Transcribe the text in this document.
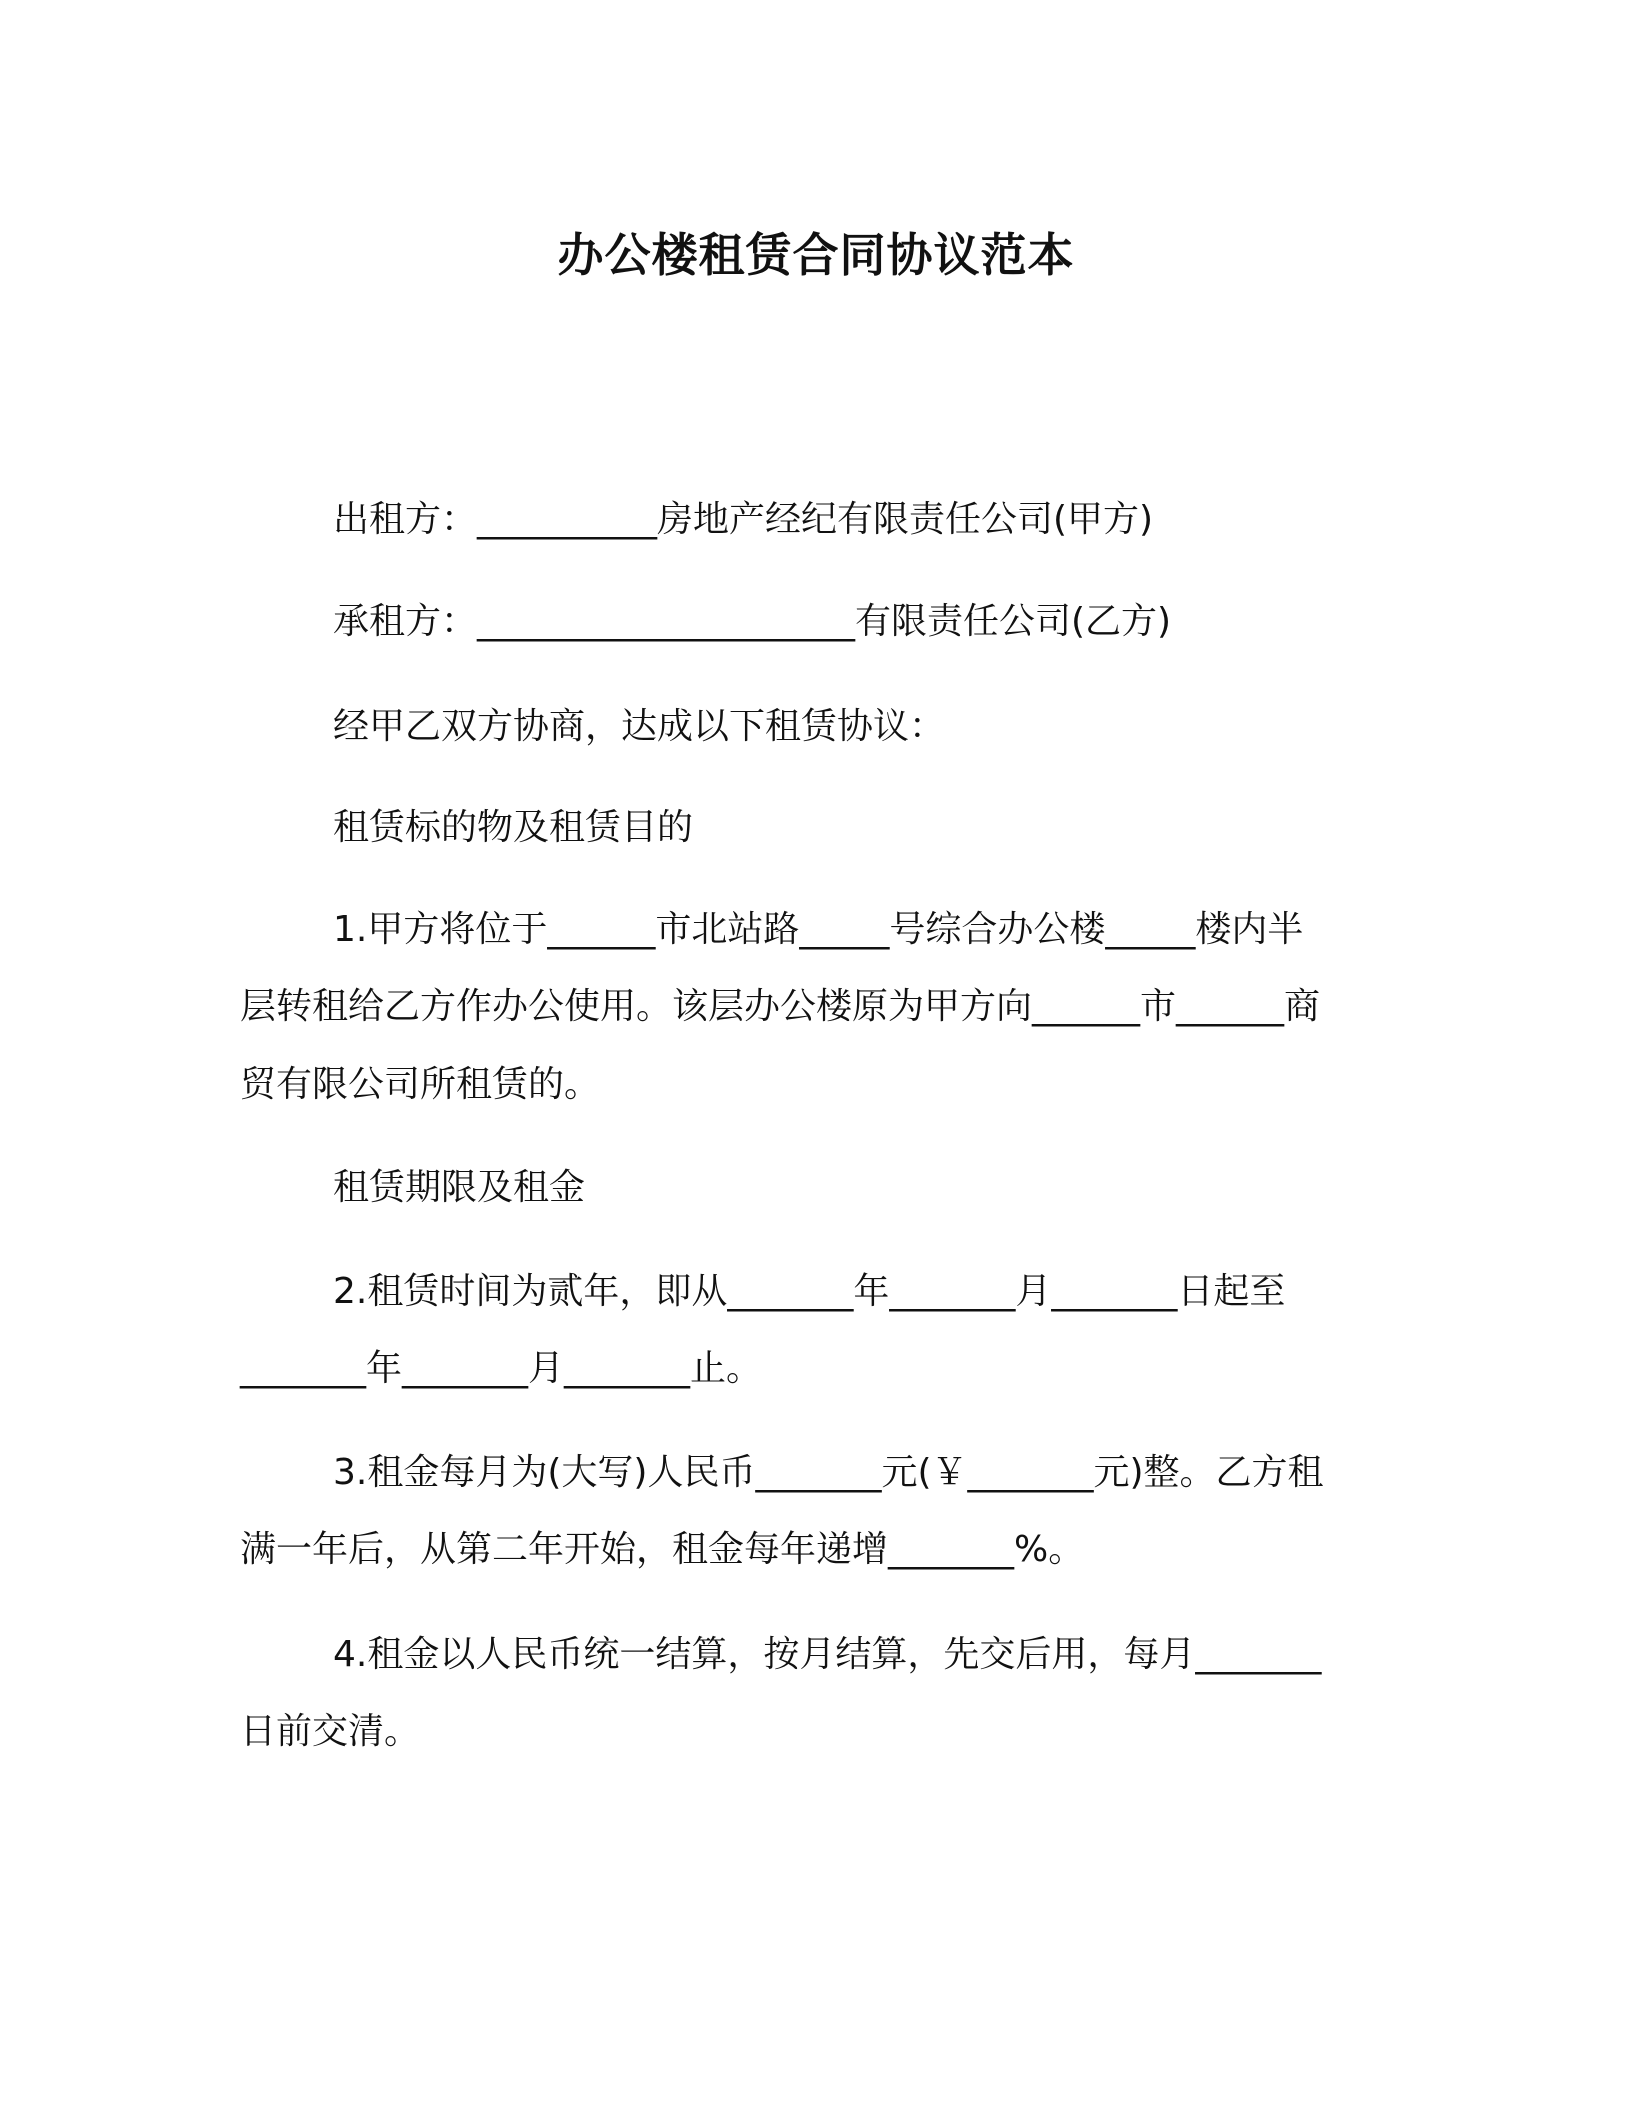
办公楼租赁合同协议范本
出租方：__________房地产经纪有限责任公司(甲方)
承租方：_____________________有限责任公司(乙方)
经甲乙双方协商，达成以下租赁协议：
租赁标的物及租赁目的
1.甲方将位于______市北站路_____号综合办公楼_____楼内半
层转租给乙方作办公使用。该层办公楼原为甲方向______市______商
贸有限公司所租赁的。
租赁期限及租金
2.租赁时间为贰年，即从_______年_______月_______日起至
_______年_______月_______止。
3.租金每月为(大写)人民币_______元(￥_______元)整。乙方租
满一年后，从第二年开始，租金每年递增_______%。
4.租金以人民币统一结算，按月结算，先交后用，每月_______
日前交清。
